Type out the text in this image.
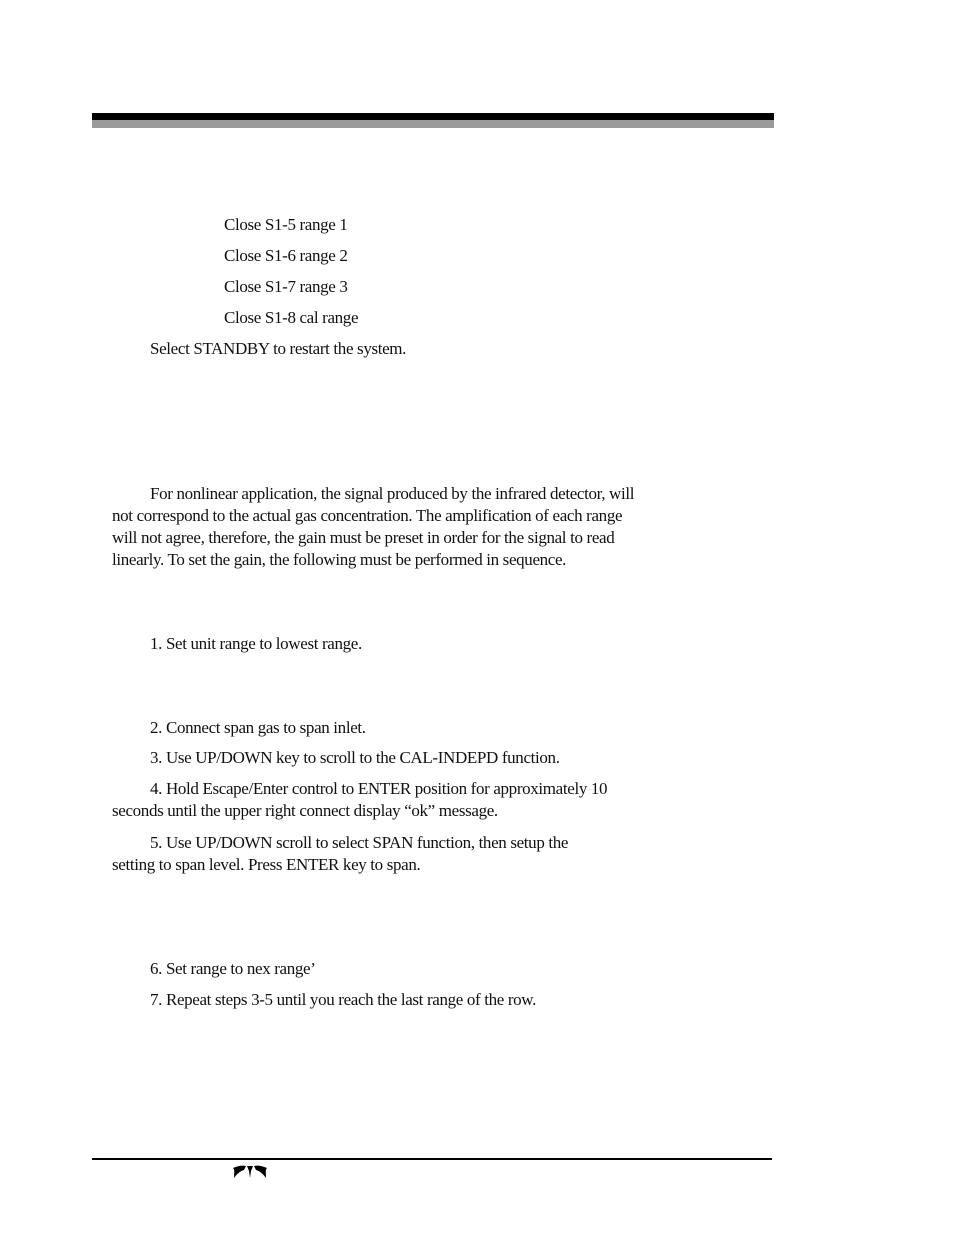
Close S1-5 range 1
Close S1-6 range 2
Close S1-7 range 3
Close S1-8 cal range
Select STANDBY to restart the system.
For nonlinear application, the signal produced by the infrared detector, will
not correspond to the actual gas concentration. The amplification of each range
will not agree, therefore, the gain must be preset in order for the signal to read
linearly. To set the gain, the following must be performed in sequence.
1. Set unit range to lowest range.
2. Connect span gas to span inlet.
3. Use UP/DOWN key to scroll to the CAL-INDEPD function.
4. Hold Escape/Enter control to ENTER position for approximately 10
seconds until the upper right connect display “ok” message.
5. Use UP/DOWN scroll to select SPAN function, then setup the
setting to span level. Press ENTER key to span.
6. Set range to nex range’
7. Repeat steps 3-5 until you reach the last range of the row.
